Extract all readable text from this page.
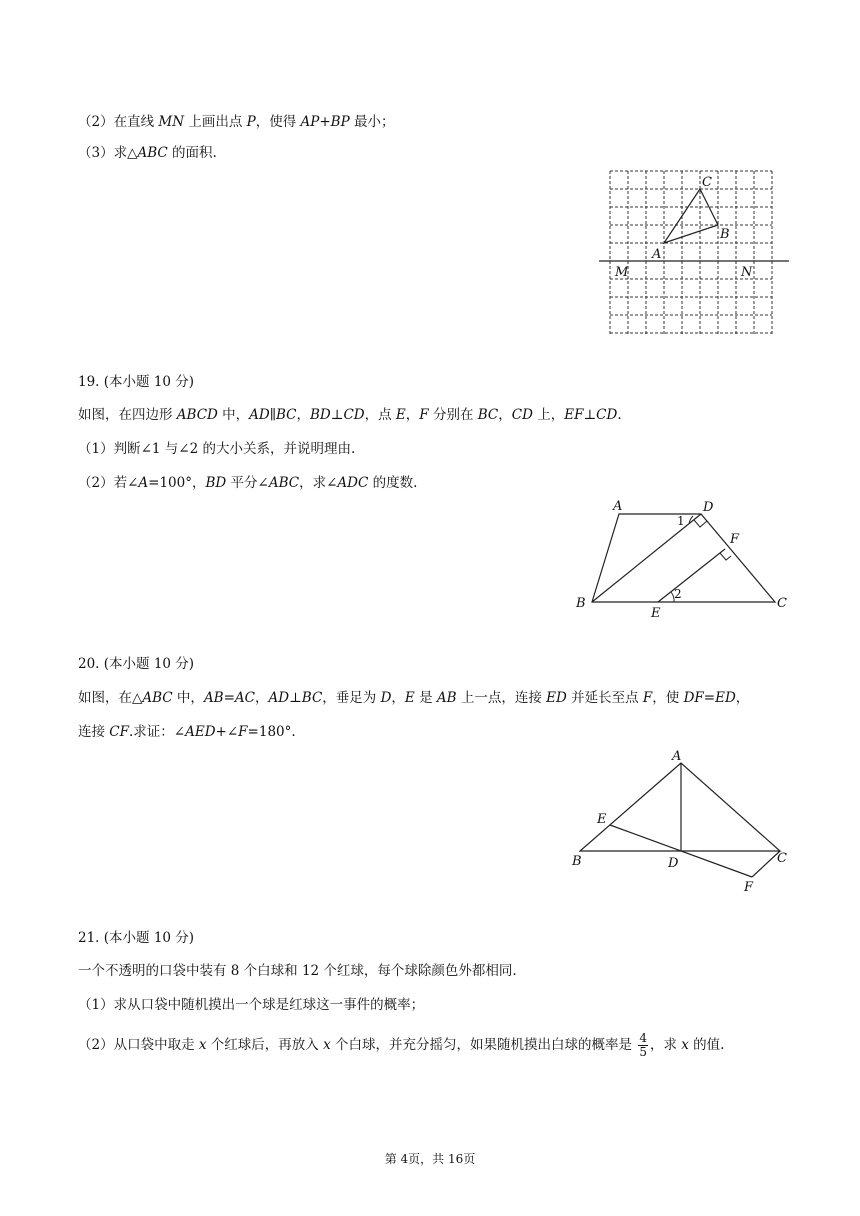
（2）在直线 MN 上画出点 P，使得 AP+BP 最小；
（3）求△ABC 的面积.
C
B
A
M	N
19. (本小题 10 分)
如图，在四边形 ABCD 中，AD∥BC，BD⊥CD，点 E，F 分别在 BC，CD 上，EF⊥CD.
（1）判断∠1 与∠2 的大小关系，并说明理由.
（2）若∠A=100°，BD 平分∠ABC，求∠ADC 的度数.
A	D
F
B
E
C
1
2
20. (本小题 10 分)
如图，在△ABC 中，AB=AC，AD⊥BC，垂足为 D，E 是 AB 上一点，连接 ED 并延长至点 F，使 DF=ED，
连接 CF.求证：∠AED+∠F=180°.
A
E
B	D	C
F
21. (本小题 10 分)
一个不透明的口袋中装有 8 个白球和 12 个红球，每个球除颜色外都相同.
（1）求从口袋中随机摸出一个球是红球这一事件的概率；
（2）从口袋中取走 x 个红球后，再放入 x 个白球，并充分摇匀，如果随机摸出白球的概率是 $\frac{4}{5}$ ，求 x 的值.
第 4页，共 16页
